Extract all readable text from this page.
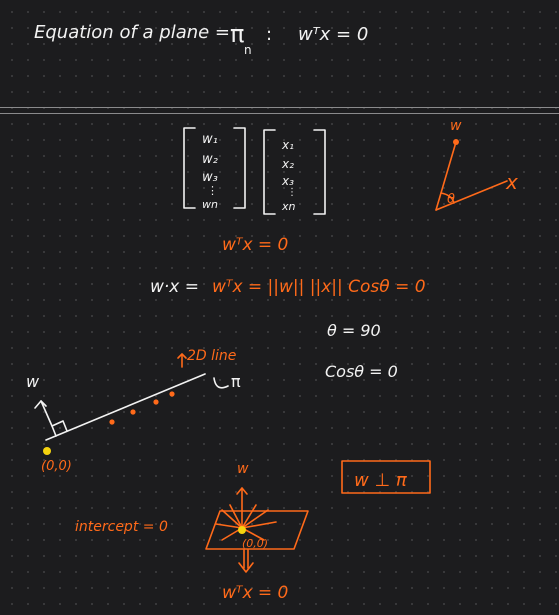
Equation of a plane = π
n
: wᵀx = 0
w₁
w₂
w₃
⋮
wn
x₁
x₂
x₃
⋮
xn
wᵀx = 0
w·x = wᵀx = ||w|| ||x|| Cosθ = 0
θ = 90
Cosθ = 0
w
x
θ
2D line
π
w
(0,0)
w ⊥ π
w
(0,0)
intercept = 0
wᵀx = 0
